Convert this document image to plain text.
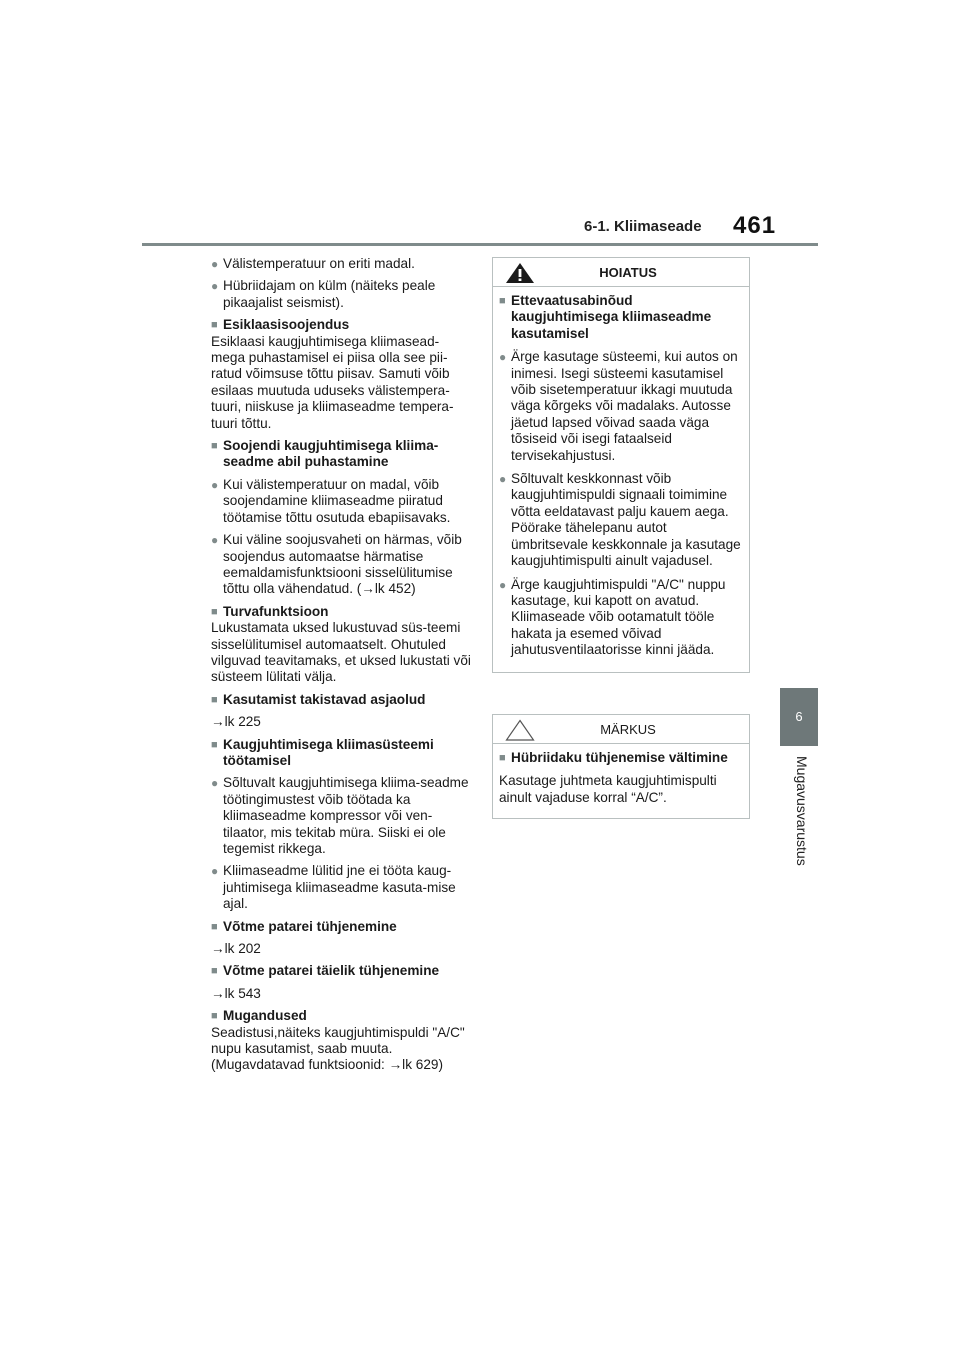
6-1. Kliimaseade 461
6
Mugavusvarustus
● Välistemperatuur on eriti madal.
● Hübriidajam on külm (näiteks peale pikaajalist seismist).
■ Esiklaasisoojendus
Esiklaasi kaugjuhtimisega kliimasead-mega puhastamisel ei piisa olla see pii-ratud võimsuse tõttu piisav. Samuti võib esilaas muutuda uduseks välistempera-tuuri, niiskuse ja kliimaseadme tempera-tuuri tõttu.
■ Soojendi kaugjuhtimisega kliima-seadme abil puhastamine
● Kui välistemperatuur on madal, võib soojendamine kliimaseadme piiratud töötamise tõttu osutuda ebapiisavaks.
● Kui väline soojusvaheti on härmas, võib soojendus automaatse härmatise eemaldamisfunktsiooni sisselülitumise tõttu olla vähendatud. (→lk 452)
■ Turvafunktsioon
Lukustamata uksed lukustuvad süs-teemi sisselülitumisel automaatselt. Ohutuled vilguvad teavitamaks, et uksed lukustati või süsteem lülitati välja.
■ Kasutamist takistavad asjaolud
→lk 225
■ Kaugjuhtimisega kliimasüsteemi töötamisel
● Sõltuvalt kaugjuhtimisega kliima-seadme töötingimustest võib töötada ka kliimaseadme kompressor või ven-tilaator, mis tekitab müra. Siiski ei ole tegemist rikkega.
● Kliimaseadme lülitid jne ei tööta kaug-juhtimisega kliimaseadme kasuta-mise ajal.
■ Võtme patarei tühjenemine
→lk 202
■ Võtme patarei täielik tühjenemine
→lk 543
■ Mugandused
Seadistusi,näiteks kaugjuhtimispuldi "A/C" nupu kasutamist, saab muuta. (Mugavdatavad funktsioonid: →lk 629)
HOIATUS
■ Ettevaatusabinõud kaugjuhtimisega kliimaseadme kasutamisel
● Ärge kasutage süsteemi, kui autos on inimesi. Isegi süsteemi kasutamisel võib sisetemperatuur ikkagi muutuda väga kõrgeks või madalaks. Autosse jäetud lapsed võivad saada väga tõsiseid või isegi fataalseid tervisekahjustusi.
● Sõltuvalt keskkonnast võib kaugjuhtimispuldi signaali toimimine võtta eeldatavast palju kauem aega. Pöörake tähelepanu autot ümbritsevale keskkonnale ja kasutage kaugjuhtimispulti ainult vajadusel.
● Ärge kaugjuhtimispuldi "A/C" nuppu kasutage, kui kapott on avatud. Kliimaseade võib ootamatult tööle hakata ja esemed võivad jahutusventilaatorisse kinni jääda.
MÄRKUS
■ Hübriidaku tühjenemise vältimine
Kasutage juhtmeta kaugjuhtimispulti ainult vajaduse korral “A/C”.
